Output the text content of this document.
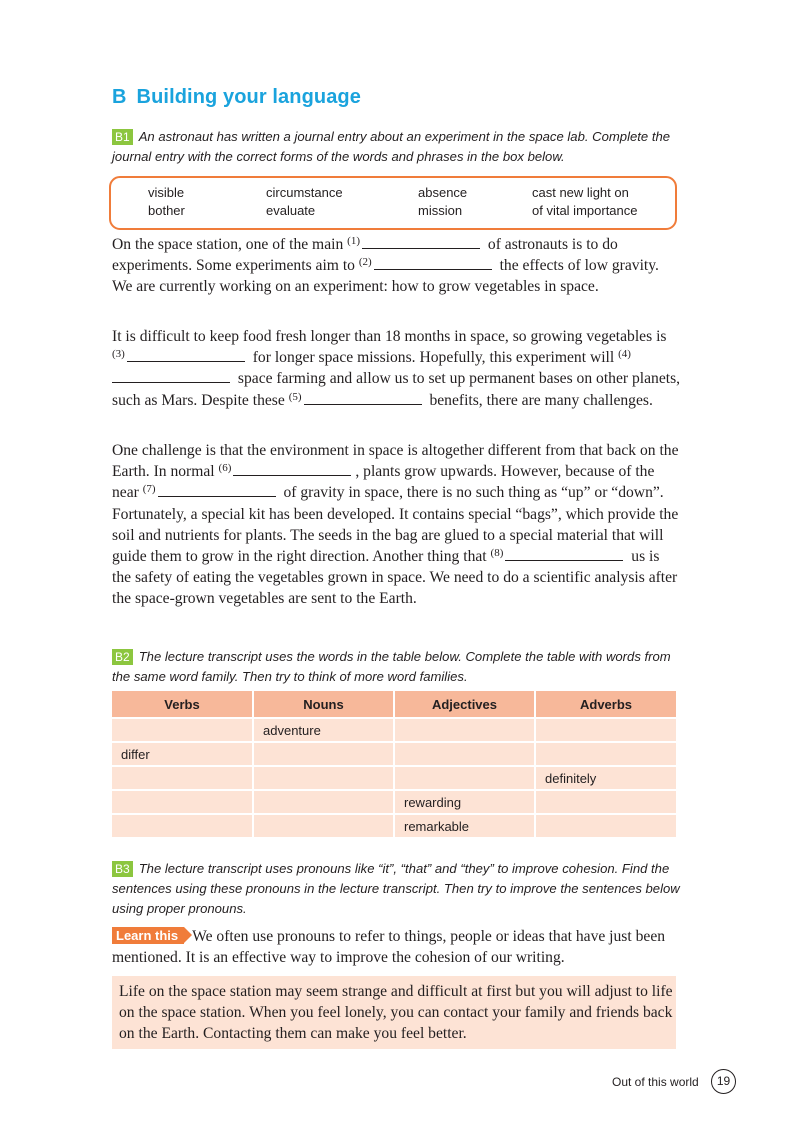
B Building your language
B1 An astronaut has written a journal entry about an experiment in the space lab. Complete the journal entry with the correct forms of the words and phrases in the box below.
visible	circumstance	absence	cast new light on
bother	evaluate	mission	of vital importance

On the space station, one of the main $^{(1)}$	of astronauts is to do experiments. Some experiments aim to $^{(2)}$	the effects of low gravity. We are currently working on an experiment: how to grow vegetables in space.

It is difficult to keep food fresh longer than 18 months in space, so growing vegetables is $^{(3)}$	for longer space missions. Hopefully, this experiment will $^{(4)}$ space farming and allow us to set up permanent bases on other planets, such as Mars. Despite these $^{(5)}$	benefits, there are many challenges.

One challenge is that the environment in space is altogether different from that back on the Earth. In normal $^{(6)}$	, plants grow upwards. However, because of the near $^{(7)}$	of gravity in space, there is no such thing as “up” or “down”. Fortunately, a special kit has been developed. It contains special “bags”, which provide the soil and nutrients for plants. The seeds in the bag are glued to a special material that will guide them to grow in the right direction. Another thing that $^{(8)}$	us is the safety of eating the vegetables grown in space. We need to do a scientific analysis after the space-grown vegetables are sent to the Earth.

B2 The lecture transcript uses the words in the table below. Complete the table with words from the same word family. Then try to think of more word families.
Verbs	Nouns	Adjectives	Adverbs
	adventure		
differ			
			definitely
		rewarding	
		remarkable	
B3 The lecture transcript uses pronouns like “it”, “that” and “they” to improve cohesion. Find the sentences using these pronouns in the lecture transcript. Then try to improve the sentences below using proper pronouns.

Learn this We often use pronouns to refer to things, people or ideas that have just been mentioned. It is an effective way to improve the cohesion of our writing.

Life on the space station may seem strange and difficult at first but you will adjust to life on the space station. When you feel lonely, you can contact your family and friends back on the Earth. Contacting them can make you feel better.

Out of this world	19
